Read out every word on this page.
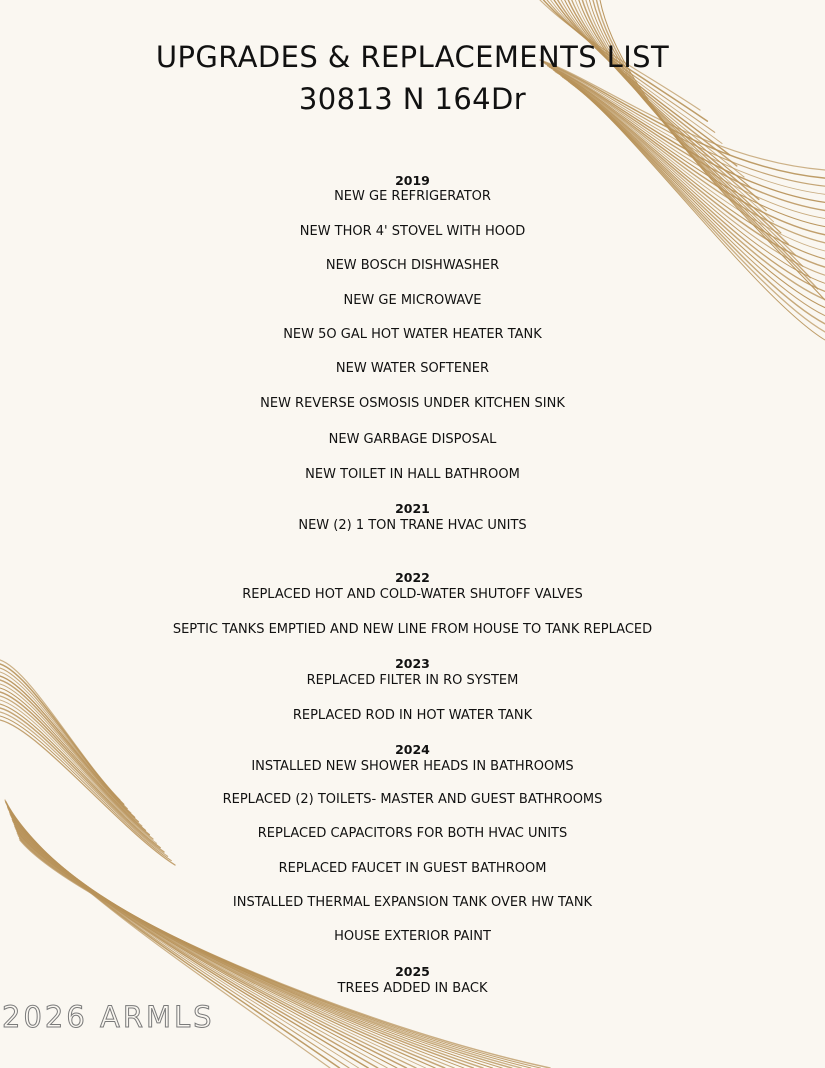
UPGRADES & REPLACEMENTS LIST
30813 N 164Dr
2019
NEW GE REFRIGERATOR
NEW THOR 4' STOVEL WITH HOOD
NEW BOSCH DISHWASHER
NEW GE MICROWAVE
NEW 5O GAL HOT WATER HEATER TANK
NEW WATER SOFTENER
NEW REVERSE OSMOSIS UNDER KITCHEN SINK
NEW GARBAGE DISPOSAL
NEW TOILET IN HALL BATHROOM
2021
NEW (2) 1 TON TRANE HVAC UNITS
2022
REPLACED HOT AND COLD-WATER SHUTOFF VALVES
SEPTIC TANKS EMPTIED AND NEW LINE FROM HOUSE TO TANK REPLACED
2023
REPLACED FILTER IN RO SYSTEM
REPLACED ROD IN HOT WATER TANK
2024
INSTALLED NEW SHOWER HEADS IN BATHROOMS
REPLACED (2) TOILETS- MASTER AND GUEST BATHROOMS
REPLACED CAPACITORS FOR BOTH HVAC UNITS
REPLACED FAUCET IN GUEST BATHROOM
INSTALLED THERMAL EXPANSION TANK OVER HW TANK
HOUSE EXTERIOR PAINT
2025
TREES ADDED IN BACK
2026 ARMLS
